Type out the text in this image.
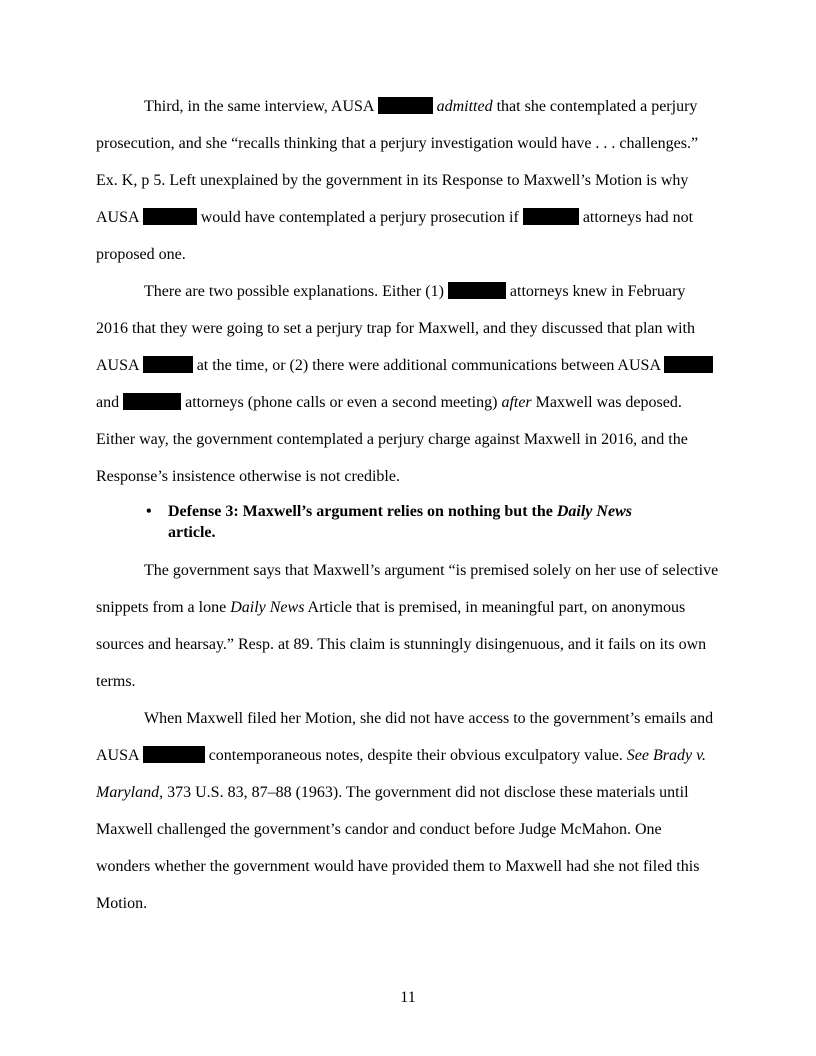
Third, in the same interview, AUSA	admitted that she contemplated a perjury
prosecution, and she “recalls thinking that a perjury investigation would have . . . challenges.”
Ex. K, p 5. Left unexplained by the government in its Response to Maxwell’s Motion is why
AUSA	would have contemplated a perjury prosecution if	attorneys had not
proposed one.
There are two possible explanations. Either (1)	attorneys knew in February
2016 that they were going to set a perjury trap for Maxwell, and they discussed that plan with
AUSA	at the time, or (2) there were additional communications between AUSA
and	attorneys (phone calls or even a second meeting) after Maxwell was deposed.
Either way, the government contemplated a perjury charge against Maxwell in 2016, and the
Response’s insistence otherwise is not credible.
• Defense 3: Maxwell’s argument relies on nothing but the Daily News
article.
The government says that Maxwell’s argument “is premised solely on her use of selective
snippets from a lone Daily News Article that is premised, in meaningful part, on anonymous
sources and hearsay.” Resp. at 89. This claim is stunningly disingenuous, and it fails on its own
terms.
When Maxwell filed her Motion, she did not have access to the government’s emails and
AUSA	contemporaneous notes, despite their obvious exculpatory value. See Brady v.
Maryland, 373 U.S. 83, 87–88 (1963). The government did not disclose these materials until
Maxwell challenged the government’s candor and conduct before Judge McMahon. One
wonders whether the government would have provided them to Maxwell had she not filed this
Motion.
11
